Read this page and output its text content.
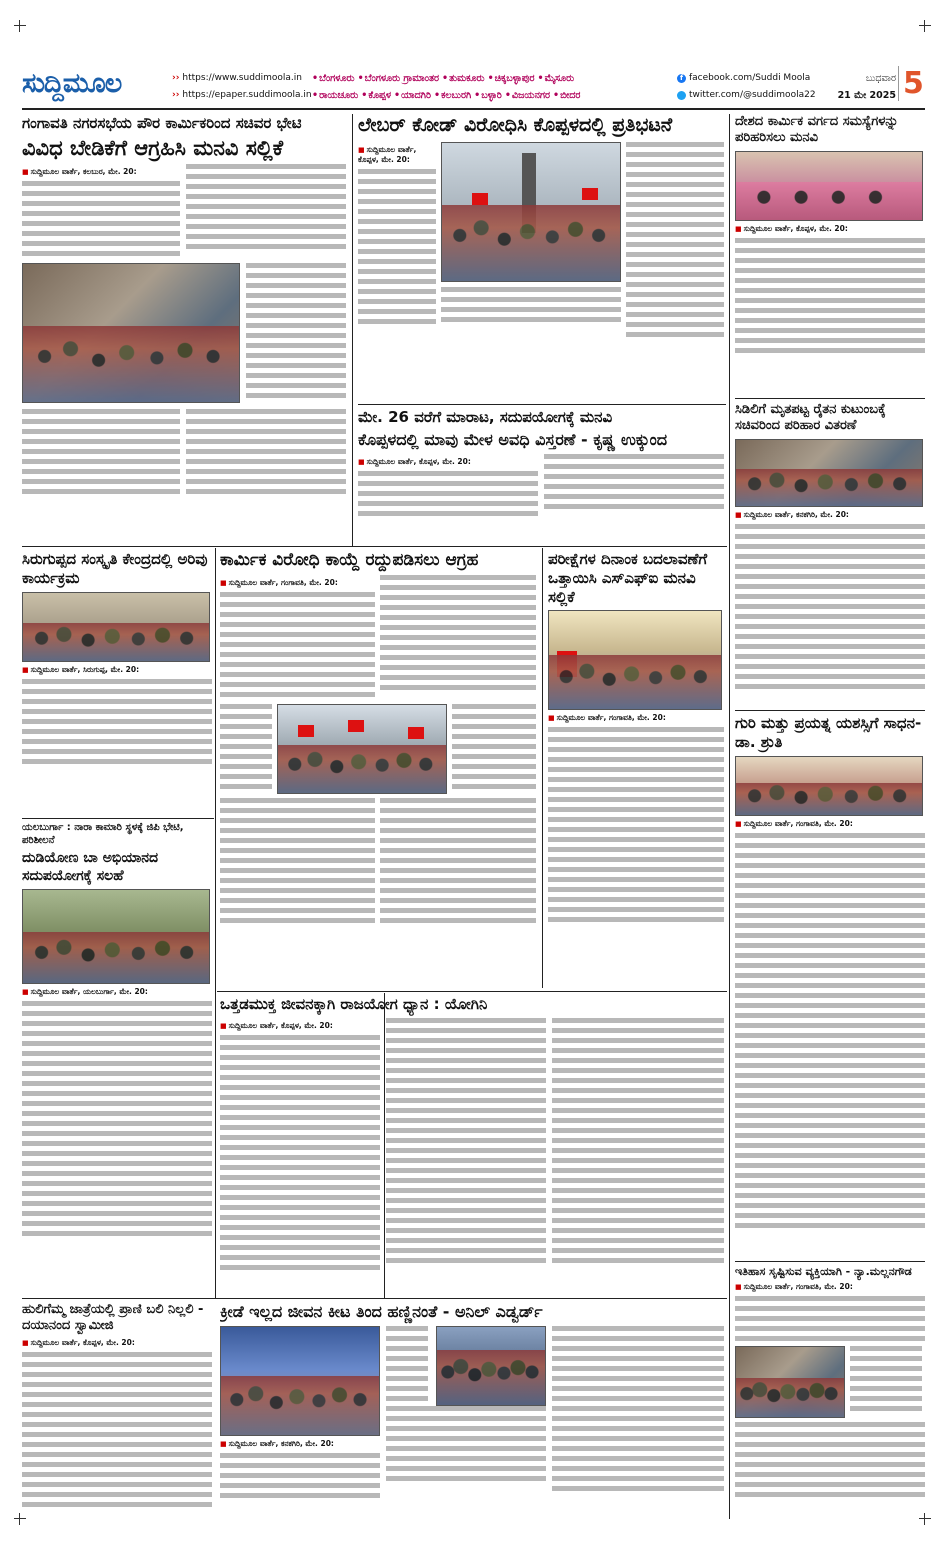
ಸುದ್ದಿಮೂಲ	›› https://www.suddimoola.in
›› https://epaper.suddimoola.in
• ಬೆಂಗಳೂರು	• ಬೆಂಗಳೂರು ಗ್ರಾಮಾಂತರ	• ತುಮಕೂರು	• ಚಿಕ್ಕಬಳ್ಳಾಪುರ	• ಮೈಸೂರು
• ರಾಯಚೂರು	• ಕೊಪ್ಪಳ	• ಯಾದಗಿರಿ	• ಕಲಬುರಗಿ	• ಬಳ್ಳಾರಿ	• ವಿಜಯನಗರ	• ಬೀದರ
f facebook.com/Suddi Moola
twitter.com/@suddimoola22
ಬುಧವಾರ
21 ಮೇ 2025 5
ಗಂಗಾವತಿ ನಗರಸಭೆಯ ಪೌರ ಕಾರ್ಮಿಕರಿಂದ ಸಚಿವರ ಭೇಟಿ
ವಿವಿಧ ಬೇಡಿಕೆಗೆ ಆಗ್ರಹಿಸಿ ಮನವಿ ಸಲ್ಲಿಕೆ
■ ಸುದ್ದಿಮೂಲ ವಾರ್ತೆ, ಕಲಬುರ, ಮೇ. 20:
ಲೇಬರ್ ಕೋಡ್ ವಿರೋಧಿಸಿ ಕೊಪ್ಪಳದಲ್ಲಿ ಪ್ರತಿಭಟನೆ
■ ಸುದ್ದಿಮೂಲ ವಾರ್ತೆ, ಕೊಪ್ಪಳ, ಮೇ. 20:
ಮೇ. 26 ವರೆಗೆ ಮಾರಾಟ, ಸದುಪಯೋಗಕ್ಕೆ ಮನವಿ
ಕೊಪ್ಪಳದಲ್ಲಿ ಮಾವು ಮೇಳ ಅವಧಿ ವಿಸ್ತರಣೆ - ಕೃಷ್ಣ ಉಕ್ಕುಂದ
■ ಸುದ್ದಿಮೂಲ ವಾರ್ತೆ, ಕೊಪ್ಪಳ, ಮೇ. 20:
ದೇಶದ ಕಾರ್ಮಿಕ ವರ್ಗದ ಸಮಸ್ಯೆಗಳನ್ನು ಪರಿಹರಿಸಲು ಮನವಿ
■ ಸುದ್ದಿಮೂಲ ವಾರ್ತೆ, ಕೊಪ್ಪಳ, ಮೇ. 20:
ಸಿಡಿಲಿಗೆ ಮೃತಪಟ್ಟ ರೈತನ ಕುಟುಂಬಕ್ಕೆ ಸಚಿವರಿಂದ ಪರಿಹಾರ ವಿತರಣೆ
■ ಸುದ್ದಿಮೂಲ ವಾರ್ತೆ, ಕನಕಗಿರಿ, ಮೇ. 20:
ಗುರಿ ಮತ್ತು ಪ್ರಯತ್ನ ಯಶಸ್ಸಿಗೆ ಸಾಧನ-ಡಾ. ಶ್ರುತಿ
■ ಸುದ್ದಿಮೂಲ ವಾರ್ತೆ, ಗಂಗಾವತಿ, ಮೇ. 20:
ಇತಿಹಾಸ ಸೃಷ್ಟಿಸುವ ವ್ಯಕ್ತಿಯಾಗಿ - ನ್ಯಾ.ಮಲ್ಲನಗೌಡ
■ ಸುದ್ದಿಮೂಲ ವಾರ್ತೆ, ಗಂಗಾವತಿ, ಮೇ. 20:
ಸಿರುಗುಪ್ಪದ ಸಂಸ್ಕೃತಿ ಕೇಂದ್ರದಲ್ಲಿ ಅರಿವು ಕಾರ್ಯಕ್ರಮ
■ ಸುದ್ದಿಮೂಲ ವಾರ್ತೆ, ಸಿರುಗುಪ್ಪ, ಮೇ. 20:
ಯಲಬುರ್ಗಾ : ನಾರಾ ಕಾಮಾರಿ ಸ್ಥಳಕ್ಕೆ ಜಿಪಿ ಭೇಟಿ, ಪರಿಶೀಲನೆ
ದುಡಿಯೋಣ ಬಾ ಅಭಿಯಾನದ ಸದುಪಯೋಗಕ್ಕೆ ಸಲಹೆ
■ ಸುದ್ದಿಮೂಲ ವಾರ್ತೆ, ಯಲಬುರ್ಗಾ, ಮೇ. 20:
ಕಾರ್ಮಿಕ ವಿರೋಧಿ ಕಾಯ್ದೆ ರದ್ದುಪಡಿಸಲು ಆಗ್ರಹ
■ ಸುದ್ದಿಮೂಲ ವಾರ್ತೆ, ಗಂಗಾವತಿ, ಮೇ. 20:
ಪರೀಕ್ಷೆಗಳ ದಿನಾಂಕ ಬದಲಾವಣೆಗೆ ಒತ್ತಾಯಿಸಿ ಎಸ್‌ಎಫ್‌ಐ ಮನವಿ ಸಲ್ಲಿಕೆ
■ ಸುದ್ದಿಮೂಲ ವಾರ್ತೆ, ಗಂಗಾವತಿ, ಮೇ. 20:
ಒತ್ತಡಮುಕ್ತ ಜೀವನಕ್ಕಾಗಿ ರಾಜಯೋಗ ಧ್ಯಾನ : ಯೋಗಿನಿ
■ ಸುದ್ದಿಮೂಲ ವಾರ್ತೆ, ಕೊಪ್ಪಳ, ಮೇ. 20:
ಹುಲಿಗೆಮ್ಮ ಜಾತ್ರೆಯಲ್ಲಿ ಪ್ರಾಣಿ ಬಲಿ ನಿಲ್ಲಲಿ - ದಯಾನಂದ ಸ್ವಾಮೀಜಿ
■ ಸುದ್ದಿಮೂಲ ವಾರ್ತೆ, ಕೊಪ್ಪಳ, ಮೇ. 20:
ಕ್ರೀಡೆ ಇಲ್ಲದ ಜೀವನ ಕೀಟ ತಿಂದ ಹಣ್ಣಿನಂತೆ - ಅನಿಲ್ ಎಡ್ವರ್ಡ್
■ ಸುದ್ದಿಮೂಲ ವಾರ್ತೆ, ಕನಕಗಿರಿ, ಮೇ. 20:
